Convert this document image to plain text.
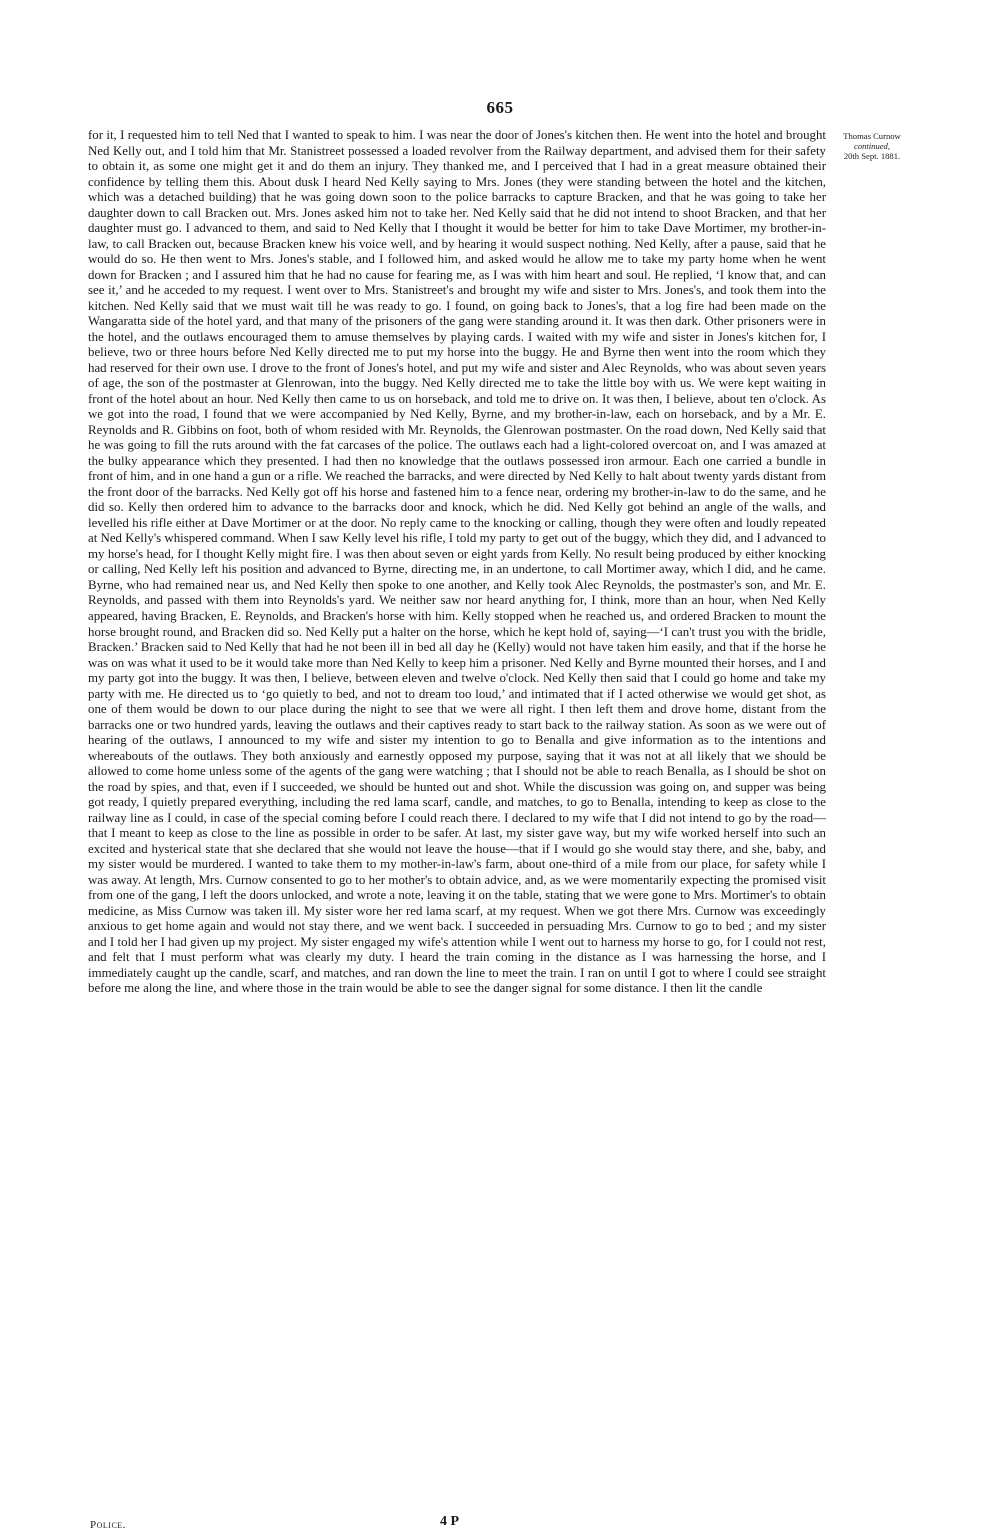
665
Thomas Curnow
continued,
20th Sept. 1881.

for it, I requested him to tell Ned that I wanted to speak to him. I was near the door of Jones's kitchen then. He went into the hotel and brought Ned Kelly out, and I told him that Mr. Stanistreet possessed a loaded revolver from the Railway department, and advised them for their safety to obtain it, as some one might get it and do them an injury. They thanked me, and I perceived that I had in a great measure obtained their confidence by telling them this. About dusk I heard Ned Kelly saying to Mrs. Jones (they were standing between the hotel and the kitchen, which was a detached building) that he was going down soon to the police barracks to capture Bracken, and that he was going to take her daughter down to call Bracken out. Mrs. Jones asked him not to take her. Ned Kelly said that he did not intend to shoot Bracken, and that her daughter must go. I advanced to them, and said to Ned Kelly that I thought it would be better for him to take Dave Mortimer, my brother-in-law, to call Bracken out, because Bracken knew his voice well, and by hearing it would suspect nothing. Ned Kelly, after a pause, said that he would do so. He then went to Mrs. Jones's stable, and I followed him, and asked would he allow me to take my party home when he went down for Bracken ; and I assured him that he had no cause for fearing me, as I was with him heart and soul. He replied, ‘I know that, and can see it,’ and he acceded to my request. I went over to Mrs. Stanistreet's and brought my wife and sister to Mrs. Jones's, and took them into the kitchen. Ned Kelly said that we must wait till he was ready to go. I found, on going back to Jones's, that a log fire had been made on the Wangaratta side of the hotel yard, and that many of the prisoners of the gang were standing around it. It was then dark. Other prisoners were in the hotel, and the outlaws encouraged them to amuse themselves by playing cards. I waited with my wife and sister in Jones's kitchen for, I believe, two or three hours before Ned Kelly directed me to put my horse into the buggy. He and Byrne then went into the room which they had reserved for their own use. I drove to the front of Jones's hotel, and put my wife and sister and Alec Reynolds, who was about seven years of age, the son of the postmaster at Glenrowan, into the buggy. Ned Kelly directed me to take the little boy with us. We were kept waiting in front of the hotel about an hour. Ned Kelly then came to us on horseback, and told me to drive on. It was then, I believe, about ten o'clock. As we got into the road, I found that we were accompanied by Ned Kelly, Byrne, and my brother-in-law, each on horseback, and by a Mr. E. Reynolds and R. Gibbins on foot, both of whom resided with Mr. Reynolds, the Glenrowan postmaster. On the road down, Ned Kelly said that he was going to fill the ruts around with the fat carcases of the police. The outlaws each had a light-colored overcoat on, and I was amazed at the bulky appearance which they presented. I had then no knowledge that the outlaws possessed iron armour. Each one carried a bundle in front of him, and in one hand a gun or a rifle. We reached the barracks, and were directed by Ned Kelly to halt about twenty yards distant from the front door of the barracks. Ned Kelly got off his horse and fastened him to a fence near, ordering my brother-in-law to do the same, and he did so. Kelly then ordered him to advance to the barracks door and knock, which he did. Ned Kelly got behind an angle of the walls, and levelled his rifle either at Dave Mortimer or at the door. No reply came to the knocking or calling, though they were often and loudly repeated at Ned Kelly's whispered command. When I saw Kelly level his rifle, I told my party to get out of the buggy, which they did, and I advanced to my horse's head, for I thought Kelly might fire. I was then about seven or eight yards from Kelly. No result being produced by either knocking or calling, Ned Kelly left his position and advanced to Byrne, directing me, in an undertone, to call Mortimer away, which I did, and he came. Byrne, who had remained near us, and Ned Kelly then spoke to one another, and Kelly took Alec Reynolds, the postmaster's son, and Mr. E. Reynolds, and passed with them into Reynolds's yard. We neither saw nor heard anything for, I think, more than an hour, when Ned Kelly appeared, having Bracken, E. Reynolds, and Bracken's horse with him. Kelly stopped when he reached us, and ordered Bracken to mount the horse brought round, and Bracken did so. Ned Kelly put a halter on the horse, which he kept hold of, saying—‘I can't trust you with the bridle, Bracken.’ Bracken said to Ned Kelly that had he not been ill in bed all day he (Kelly) would not have taken him easily, and that if the horse he was on was what it used to be it would take more than Ned Kelly to keep him a prisoner. Ned Kelly and Byrne mounted their horses, and I and my party got into the buggy. It was then, I believe, between eleven and twelve o'clock. Ned Kelly then said that I could go home and take my party with me. He directed us to ‘go quietly to bed, and not to dream too loud,’ and intimated that if I acted otherwise we would get shot, as one of them would be down to our place during the night to see that we were all right. I then left them and drove home, distant from the barracks one or two hundred yards, leaving the outlaws and their captives ready to start back to the railway station. As soon as we were out of hearing of the outlaws, I announced to my wife and sister my intention to go to Benalla and give information as to the intentions and whereabouts of the outlaws. They both anxiously and earnestly opposed my purpose, saying that it was not at all likely that we should be allowed to come home unless some of the agents of the gang were watching ; that I should not be able to reach Benalla, as I should be shot on the road by spies, and that, even if I succeeded, we should be hunted out and shot. While the discussion was going on, and supper was being got ready, I quietly prepared everything, including the red lama scarf, candle, and matches, to go to Benalla, intending to keep as close to the railway line as I could, in case of the special coming before I could reach there. I declared to my wife that I did not intend to go by the road—that I meant to keep as close to the line as possible in order to be safer. At last, my sister gave way, but my wife worked herself into such an excited and hysterical state that she declared that she would not leave the house—that if I would go she would stay there, and she, baby, and my sister would be murdered. I wanted to take them to my mother-in-law's farm, about one-third of a mile from our place, for safety while I was away. At length, Mrs. Curnow consented to go to her mother's to obtain advice, and, as we were momentarily expecting the promised visit from one of the gang, I left the doors unlocked, and wrote a note, leaving it on the table, stating that we were gone to Mrs. Mortimer's to obtain medicine, as Miss Curnow was taken ill. My sister wore her red lama scarf, at my request. When we got there Mrs. Curnow was exceedingly anxious to get home again and would not stay there, and we went back. I succeeded in persuading Mrs. Curnow to go to bed ; and my sister and I told her I had given up my project. My sister engaged my wife's attention while I went out to harness my horse to go, for I could not rest, and felt that I must perform what was clearly my duty. I heard the train coming in the distance as I was harnessing the horse, and I immediately caught up the candle, scarf, and matches, and ran down the line to meet the train. I ran on until I got to where I could see straight before me along the line, and where those in the train would be able to see the danger signal for some distance. I then lit the candle

Police.	4 P
